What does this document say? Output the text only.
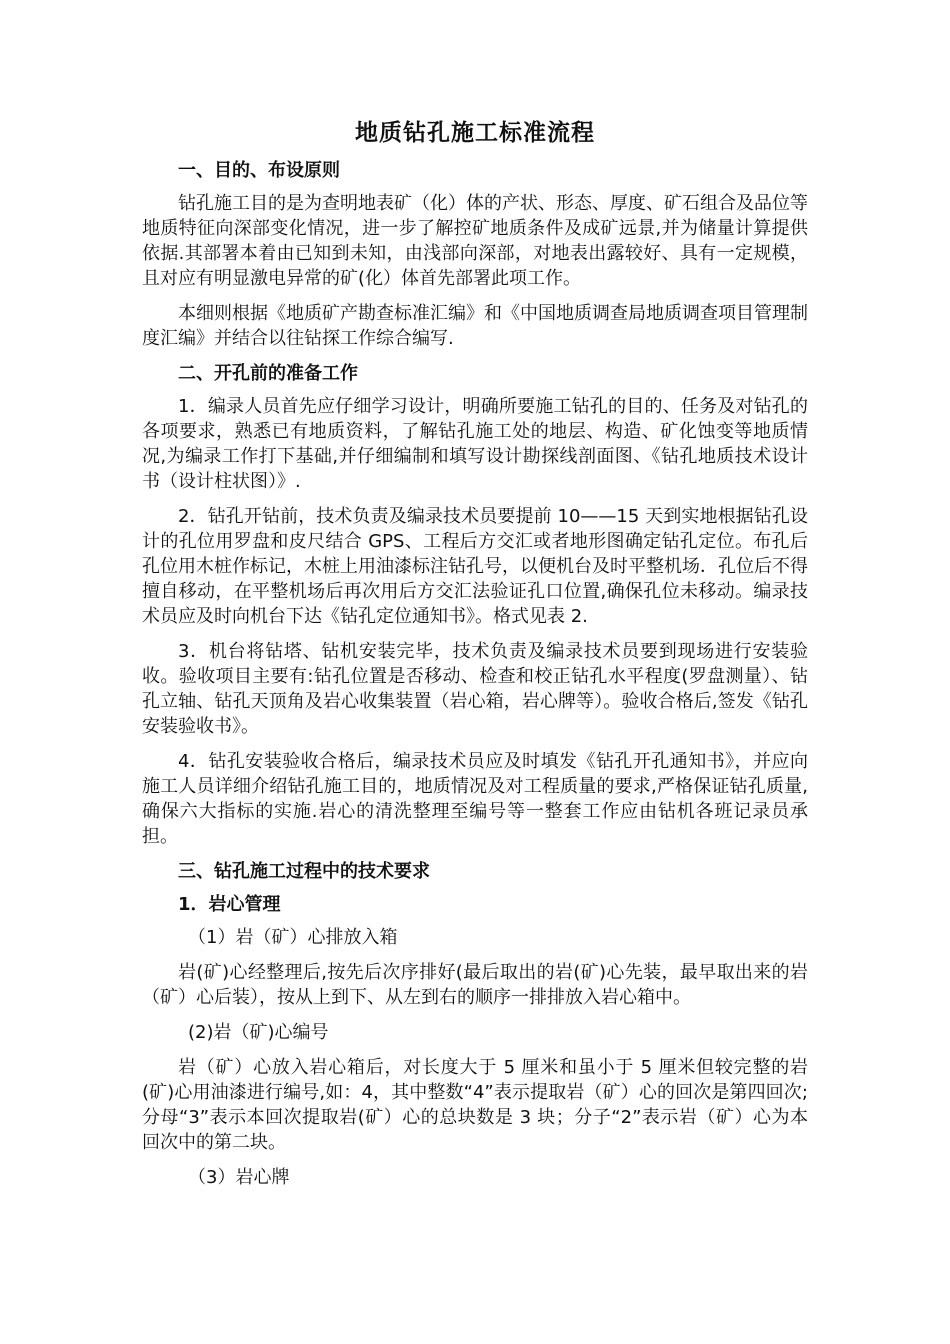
地质钻孔施工标准流程
一、目的、布设原则

钻孔施工目的是为查明地表矿（化）体的产状、形态、厚度、矿石组合及品位等地质特征向深部变化情况，进一步了解控矿地质条件及成矿远景,并为储量计算提供依据.其部署本着由已知到未知，由浅部向深部，对地表出露较好、具有一定规模，且对应有明显激电异常的矿(化）体首先部署此项工作。

本细则根据《地质矿产勘查标准汇编》和《中国地质调查局地质调查项目管理制度汇编》并结合以往钻探工作综合编写.

二、开孔前的准备工作

1．编录人员首先应仔细学习设计，明确所要施工钻孔的目的、任务及对钻孔的各项要求，熟悉已有地质资料，了解钻孔施工处的地层、构造、矿化蚀变等地质情况,为编录工作打下基础,并仔细编制和填写设计勘探线剖面图、《钻孔地质技术设计书（设计柱状图）》.

2．钻孔开钻前，技术负责及编录技术员要提前 10——15 天到实地根据钻孔设计的孔位用罗盘和皮尺结合 GPS、工程后方交汇或者地形图确定钻孔定位。布孔后孔位用木桩作标记，木桩上用油漆标注钻孔号，以便机台及时平整机场．孔位后不得擅自移动，在平整机场后再次用后方交汇法验证孔口位置,确保孔位未移动。编录技术员应及时向机台下达《钻孔定位通知书》。格式见表 2.

3．机台将钻塔、钻机安装完毕，技术负责及编录技术员要到现场进行安装验收。验收项目主要有:钻孔位置是否移动、检查和校正钻孔水平程度(罗盘测量）、钻孔立轴、钻孔天顶角及岩心收集装置（岩心箱，岩心牌等）。验收合格后,签发《钻孔安装验收书》。

4．钻孔安装验收合格后，编录技术员应及时填发《钻孔开孔通知书》，并应向施工人员详细介绍钻孔施工目的，地质情况及对工程质量的要求,严格保证钻孔质量,确保六大指标的实施.岩心的清洗整理至编号等一整套工作应由钻机各班记录员承担。

三、钻孔施工过程中的技术要求
1．岩心管理
（1）岩（矿）心排放入箱

岩(矿)心经整理后,按先后次序排好(最后取出的岩(矿)心先装，最早取出来的岩（矿）心后装），按从上到下、从左到右的顺序一排排放入岩心箱中。

(2)岩（矿)心编号

岩（矿）心放入岩心箱后，对长度大于 5 厘米和虽小于 5 厘米但较完整的岩(矿)心用油漆进行编号,如：4，其中整数“4”表示提取岩（矿）心的回次是第四回次;分母“3”表示本回次提取岩(矿）心的总块数是 3 块；分子“2”表示岩（矿）心为本回次中的第二块。

（3）岩心牌
